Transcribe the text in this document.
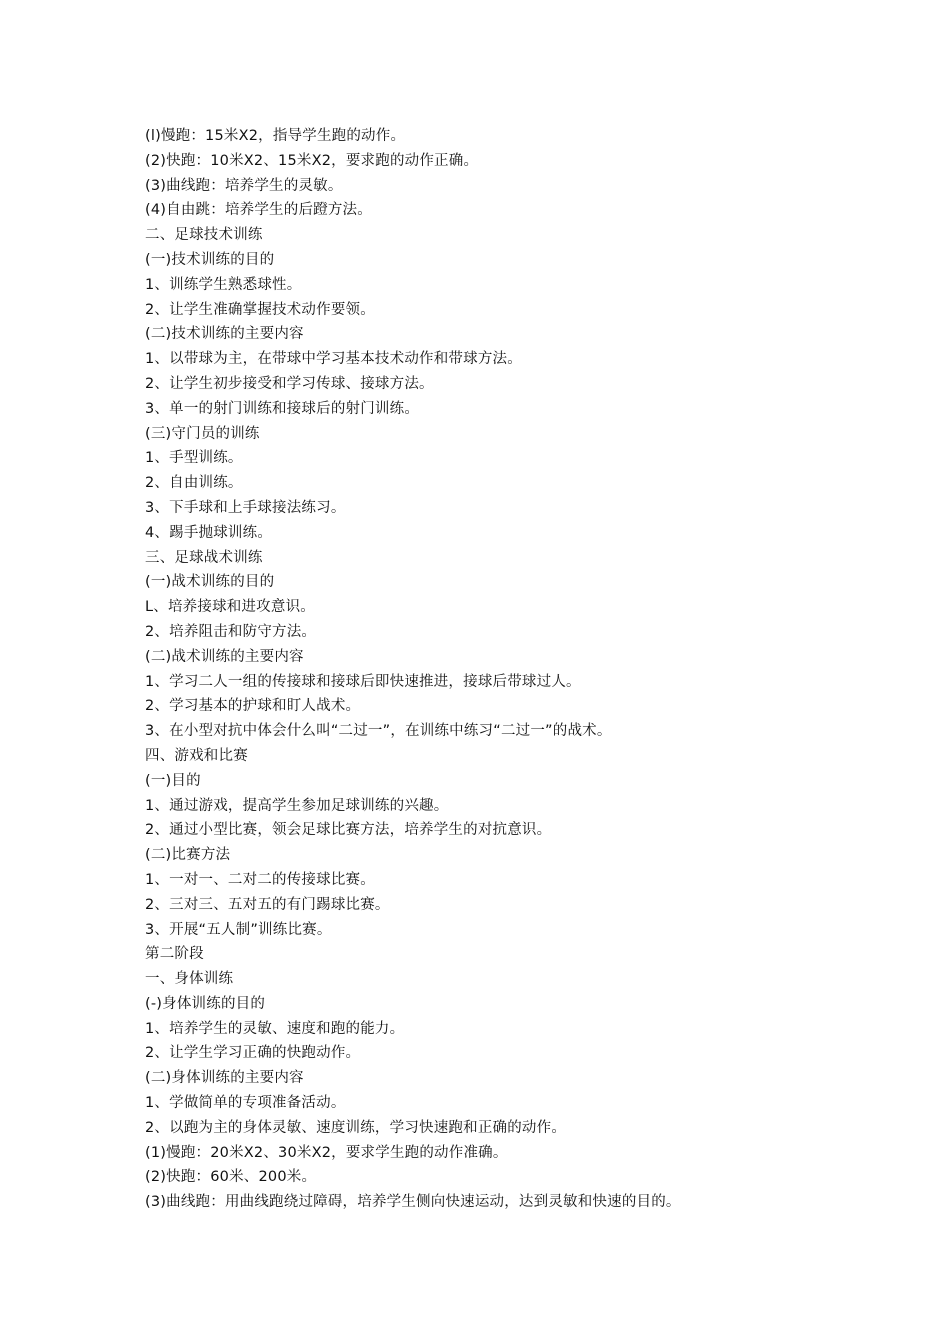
(l)慢跑：15米X2，指导学生跑的动作。
(2)快跑：10米X2、15米X2，要求跑的动作正确。
(3)曲线跑：培养学生的灵敏。
(4)自由跳：培养学生的后蹬方法。
二、足球技术训练
(一)技术训练的目的
1、训练学生熟悉球性。
2、让学生准确掌握技术动作要领。
(二)技术训练的主要内容
1、以带球为主，在带球中学习基本技术动作和带球方法。
2、让学生初步接受和学习传球、接球方法。
3、单一的射门训练和接球后的射门训练。
(三)守门员的训练
1、手型训练。
2、自由训练。
3、下手球和上手球接法练习。
4、踢手抛球训练。
三、足球战术训练
(一)战术训练的目的
L、培养接球和进攻意识。
2、培养阻击和防守方法。
(二)战术训练的主要内容
1、学习二人一组的传接球和接球后即快速推进，接球后带球过人。
2、学习基本的护球和盯人战术。
3、在小型对抗中体会什么叫“二过一”，在训练中练习“二过一”的战术。
四、游戏和比赛
(一)目的
1、通过游戏，提高学生参加足球训练的兴趣。
2、通过小型比赛，领会足球比赛方法，培养学生的对抗意识。
(二)比赛方法
1、一对一、二对二的传接球比赛。
2、三对三、五对五的有门踢球比赛。
3、开展“五人制”训练比赛。
第二阶段
一、身体训练
(-)身体训练的目的
1、培养学生的灵敏、速度和跑的能力。
2、让学生学习正确的快跑动作。
(二)身体训练的主要内容
1、学做简单的专项准备活动。
2、以跑为主的身体灵敏、速度训练，学习快速跑和正确的动作。
(1)慢跑：20米X2、30米X2，要求学生跑的动作准确。
(2)快跑：60米、200米。
(3)曲线跑：用曲线跑绕过障碍，培养学生侧向快速运动，达到灵敏和快速的目的。
